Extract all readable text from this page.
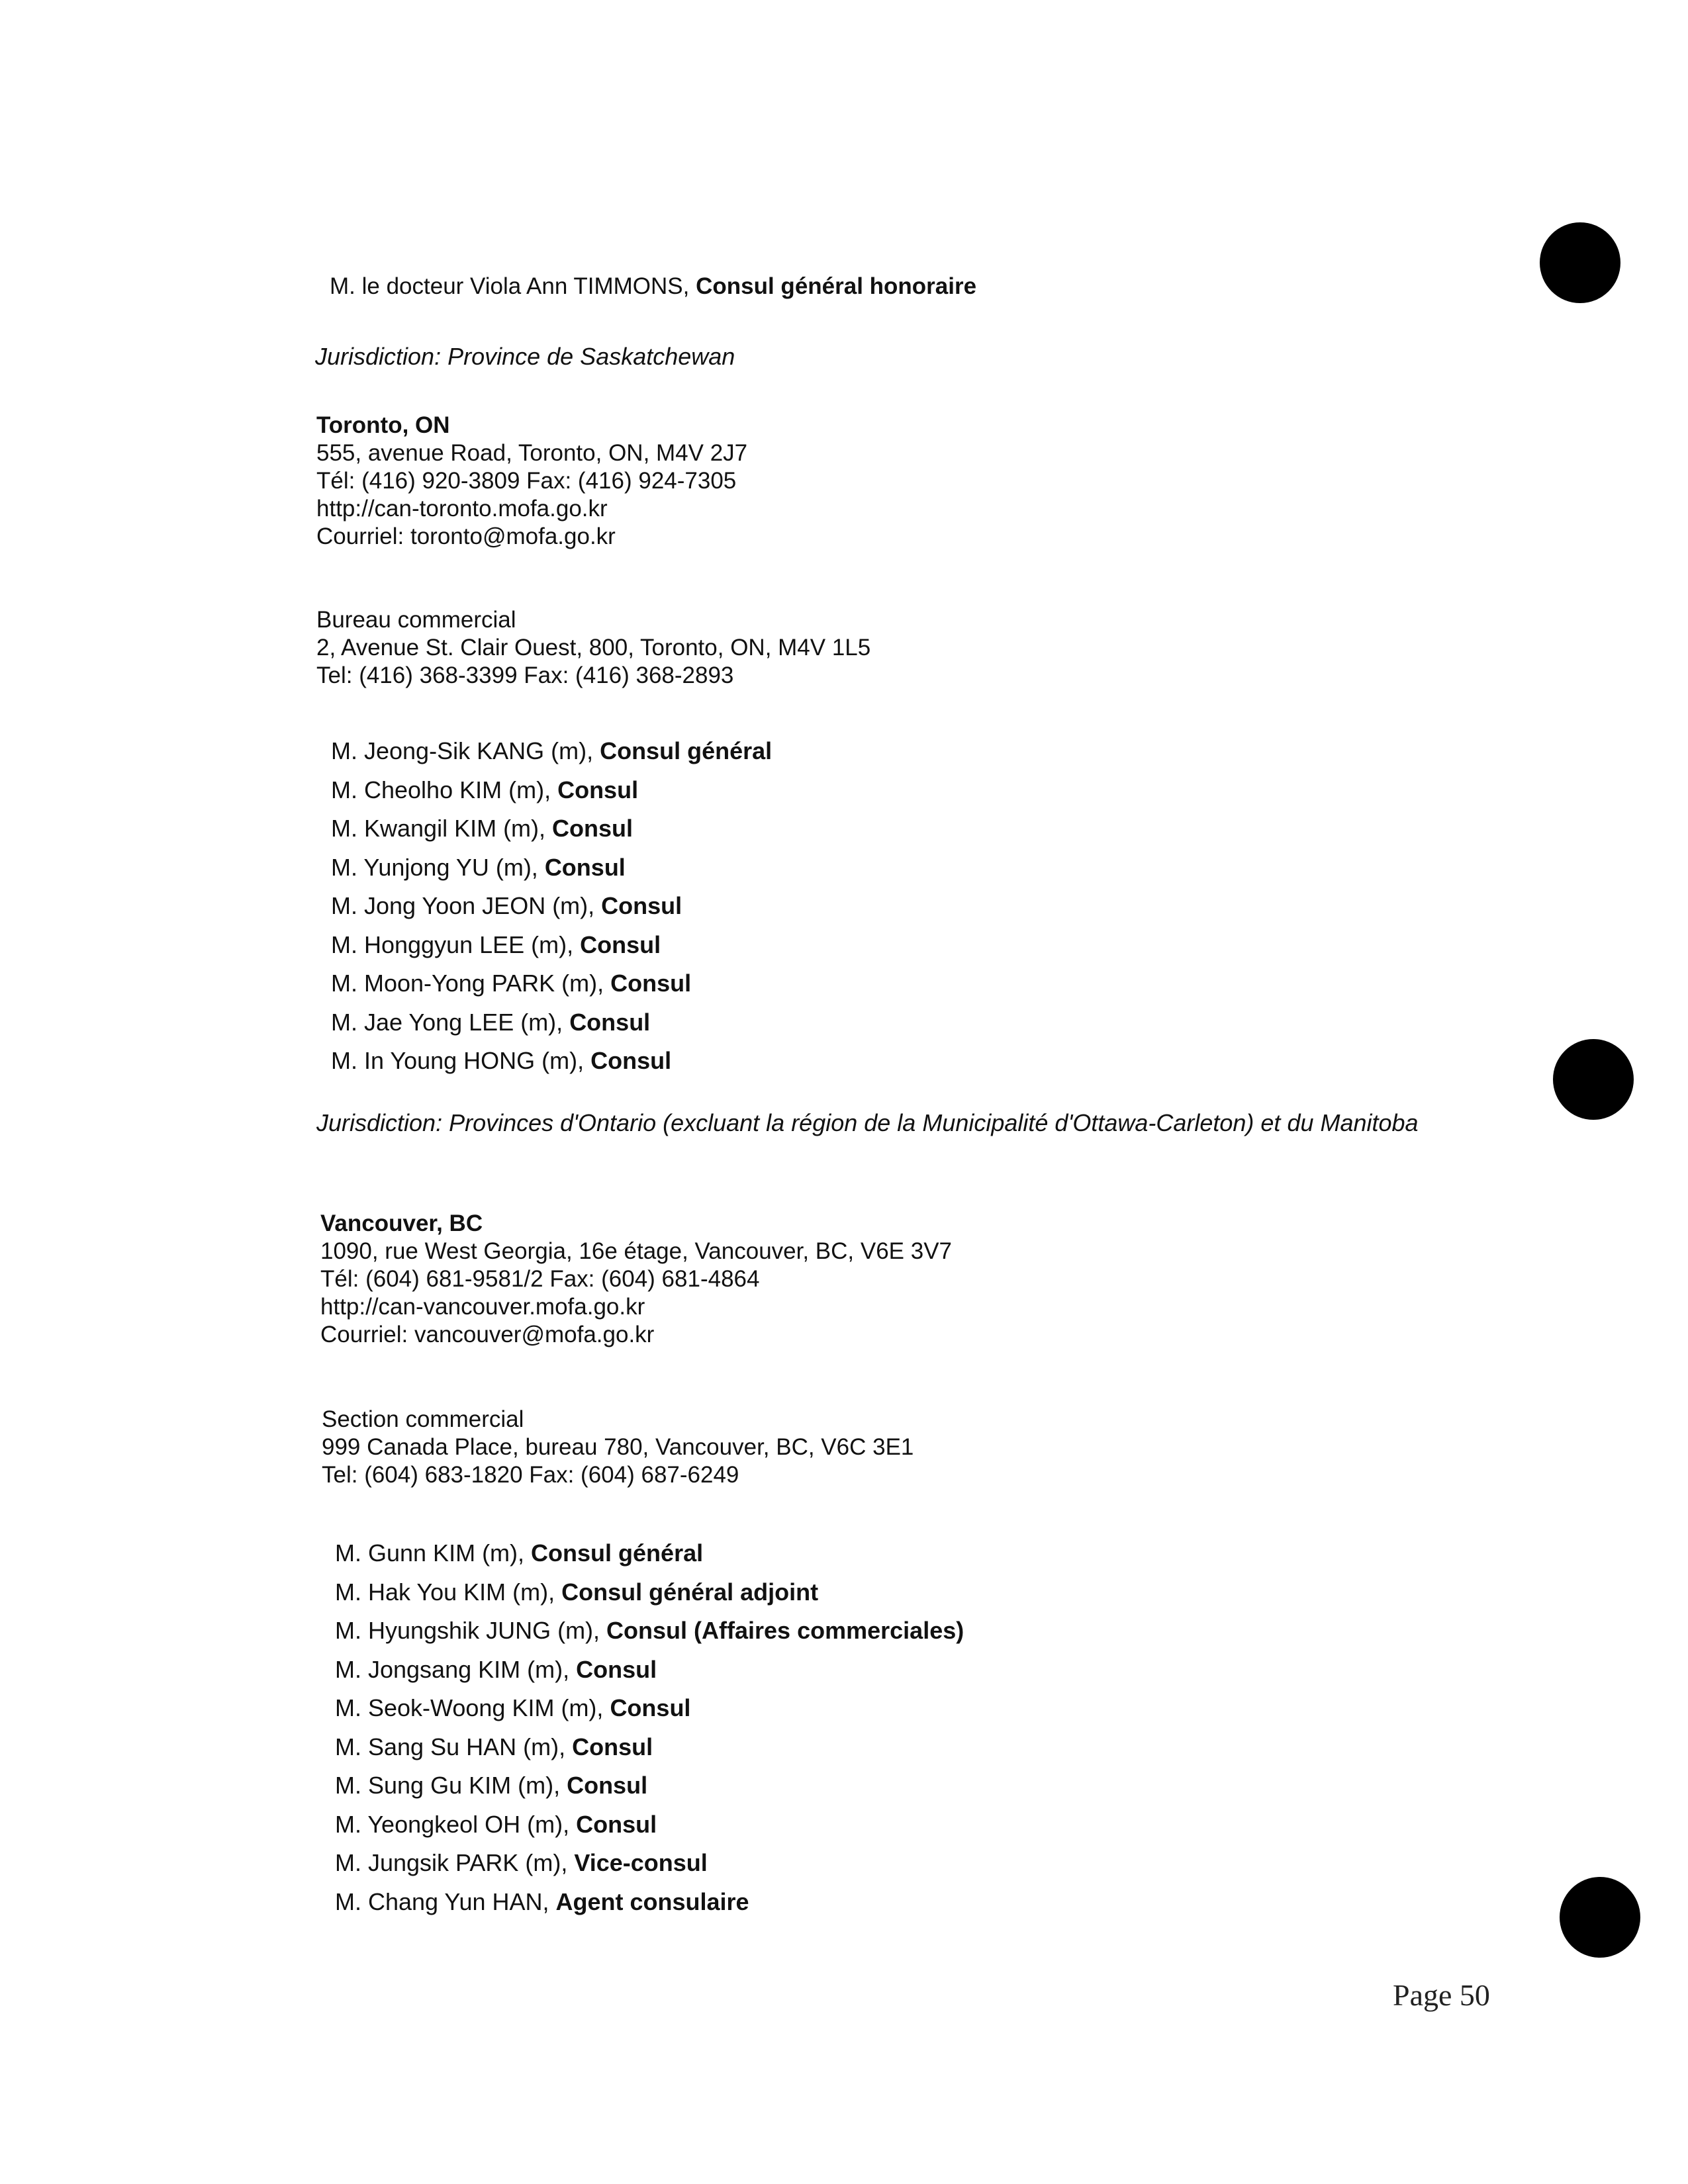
M. le docteur Viola Ann TIMMONS, Consul général honoraire
Jurisdiction: Province de Saskatchewan
Toronto, ON
555, avenue Road, Toronto, ON, M4V 2J7
Tél: (416) 920-3809 Fax: (416) 924-7305
http://can-toronto.mofa.go.kr
Courriel: toronto@mofa.go.kr
Bureau commercial
2, Avenue St. Clair Ouest, 800, Toronto, ON, M4V 1L5
Tel: (416) 368-3399 Fax: (416) 368-2893
M. Jeong-Sik KANG (m), Consul général
M. Cheolho KIM (m), Consul
M. Kwangil KIM (m), Consul
M. Yunjong YU (m), Consul
M. Jong Yoon JEON (m), Consul
M. Honggyun LEE (m), Consul
M. Moon-Yong PARK (m), Consul
M. Jae Yong LEE (m), Consul
M. In Young HONG (m), Consul
Jurisdiction: Provinces d'Ontario (excluant la région de la Municipalité d'Ottawa-Carleton) et du Manitoba
Vancouver, BC
1090, rue West Georgia, 16e étage, Vancouver, BC, V6E 3V7
Tél: (604) 681-9581/2 Fax: (604) 681-4864
http://can-vancouver.mofa.go.kr
Courriel: vancouver@mofa.go.kr
Section commercial
999 Canada Place, bureau 780, Vancouver, BC, V6C 3E1
Tel: (604) 683-1820 Fax: (604) 687-6249
M. Gunn KIM (m), Consul général
M. Hak You KIM (m), Consul général adjoint
M. Hyungshik JUNG (m), Consul (Affaires commerciales)
M. Jongsang KIM (m), Consul
M. Seok-Woong KIM (m), Consul
M. Sang Su HAN (m), Consul
M. Sung Gu KIM (m), Consul
M. Yeongkeol OH (m), Consul
M. Jungsik PARK (m), Vice-consul
M. Chang Yun HAN, Agent consulaire
Page 50
